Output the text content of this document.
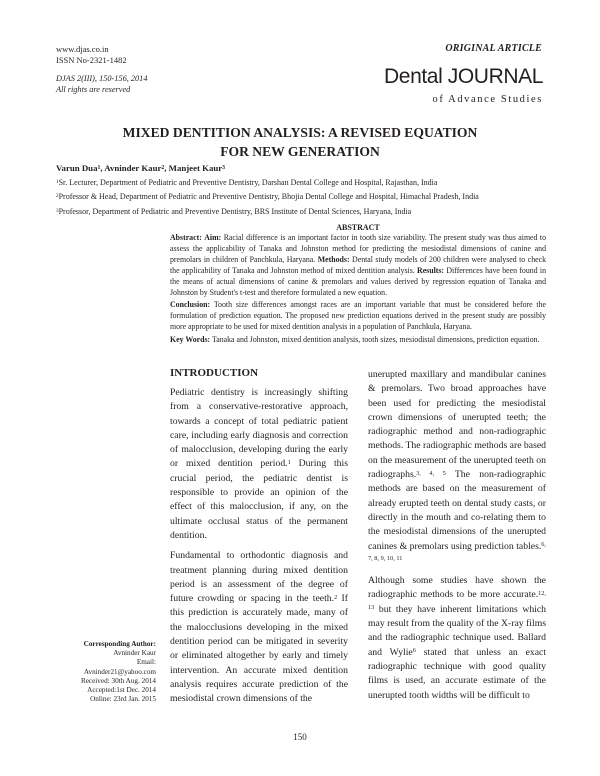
www.djas.co.in
ISSN No-2321-1482
ORIGINAL ARTICLE
DJAS 2(III), 150-156, 2014
All rights are reserved
Dental JOURNAL
of Advance Studies
MIXED DENTITION ANALYSIS: A REVISED EQUATION
FOR NEW GENERATION
Varun Dua$^1$, Avninder Kaur$^2$, Manjeet Kaur$^3$
$^1$Sr. Lecturer, Department of Pediatric and Preventive Dentistry, Darshan Dental College and Hospital, Rajasthan, India
$^2$Professor & Head, Department of Pediatric and Preventive Dentistry, Bhojia Dental College and Hospital, Himachal Pradesh, India
$^3$Professor, Department of Pediatric and Preventive Dentistry, BRS Institute of Dental Sciences, Haryana, India
ABSTRACT
Abstract: Aim: Racial difference is an important factor in tooth size variability. The present study was thus aimed to assess the applicability of Tanaka and Johnston method for predicting the mesiodistal dimensions of canine and premolars in children of Panchkula, Haryana. Methods: Dental study models of 200 children were analysed to check the applicability of Tanaka and Johnston method of mixed dentition analysis. Results: Differences have been found in the means of actual dimensions of canine & premolars and values derived by regression equation of Tanaka and Johnston by Student's t-test and therefore formulated a new equation.
Conclusion: Tooth size differences amongst races are an important variable that must be considered before the formulation of prediction equation. The proposed new prediction equations derived in the present study are possibly more appropriate to be used for mixed dentition analysis in a population of Panchkula, Haryana.
Key Words: Tanaka and Johnston, mixed dentition analysis, tooth sizes, mesiodistal dimensions, prediction equation.
Corresponding Author:
Avninder Kaur
Email:
Avninder21@yahoo.com
Received: 30th Aug. 2014
Accepted:1st Dec. 2014
Online: 23rd Jan. 2015
INTRODUCTION

Pediatric dentistry is increasingly shifting from a conservative-restorative approach, towards a concept of total pediatric patient care, including early diagnosis and correction of malocclusion, developing during the early or mixed dentition period.$^1$ During this crucial period, the pediatric dentist is responsible to provide an opinion of the effect of this malocclusion, if any, on the ultimate occlusal status of the permanent dentition.

Fundamental to orthodontic diagnosis and treatment planning during mixed dentition period is an assessment of the degree of future crowding or spacing in the teeth.$^2$ If this prediction is accurately made, many of the malocclusions developing in the mixed dentition period can be mitigated in severity or eliminated altogether by early and timely intervention. An accurate mixed dentition analysis requires accurate prediction of the mesiodistal crown dimensions of the

unerupted maxillary and mandibular canines & premolars. Two broad approaches have been used for predicting the mesiodistal crown dimensions of unerupted teeth; the radiographic method and non-radiographic methods. The radiographic methods are based on the measurement of the unerupted teeth on radiographs.$^{3, 4, 5}$ The non-radiographic methods are based on the measurement of already erupted teeth on dental study casts, or directly in the mouth and co-relating them to the mesiodistal dimensions of the unerupted canines & premolars using prediction tables.$^{6, 7, 8, 9, 10, 11}$

Although some studies have shown the radiographic methods to be more accurate.$^{12, 13}$ but they have inherent limitations which may result from the quality of the X-ray films and the radiographic technique used. Ballard and Wylie$^6$ stated that unless an exact radiographic technique with good quality films is used, an accurate estimate of the unerupted tooth widths will be difficult to

150
